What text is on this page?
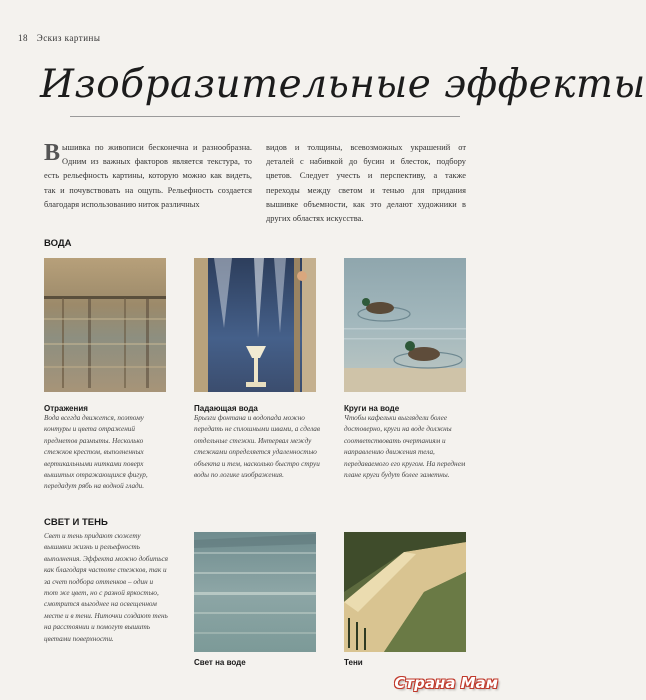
18 Эскиз картины
Изобразительные эффекты
В ышивка по живописи бесконечна и разнообразна. Одним из важных факторов является текстура, то есть рельефность картины, которую можно как видеть, так и почувствовать на ощупь. Рельефность создается благодаря использованию ниток различных
видов и толщины, всевозможных украшений от деталей с набивкой до бусин и блесток, подбору цветов. Следует учесть и перспективу, а также переходы между светом и тенью для придания вышивке объемности, как это делают художники в других областях искусства.
ВОДА
Отражения
Вода всегда движется, поэтому контуры и цвета отражений предметов размыты. Несколько стежков крестом, выполненных вертикальными нитками поверх вышитых отражающихся фигур, передадут рябь на водной глади.
Падающая вода
Брызги фонтана и водопада можно передать не сплошными швами, а сделав отдельные стежки. Интервал между стежками определяется удаленностью объекта и тем, насколько быстро струи воды по логике изображения.
Круги на воде
Чтобы кафельки выглядели более достоверно, круги на воде должны соответствовать очертаниям и направлению движения тела, передаваемого его кругом. На переднем плане круги будут более заметны.
СВЕТ И ТЕНЬ
Свет и тень придают сюжету вышивки жизнь и рельефность выполнения. Эффекта можно добиться как благодаря частоте стежков, так и за счет подбора оттенков – один и тот же цвет, но с разной яркостью, смотрится выгоднее на освещенном месте и в тени. Ниточки создают тень на расстоянии и помогут вышить цветами поверхности.
Свет на воде	Тени
Страна Мам
